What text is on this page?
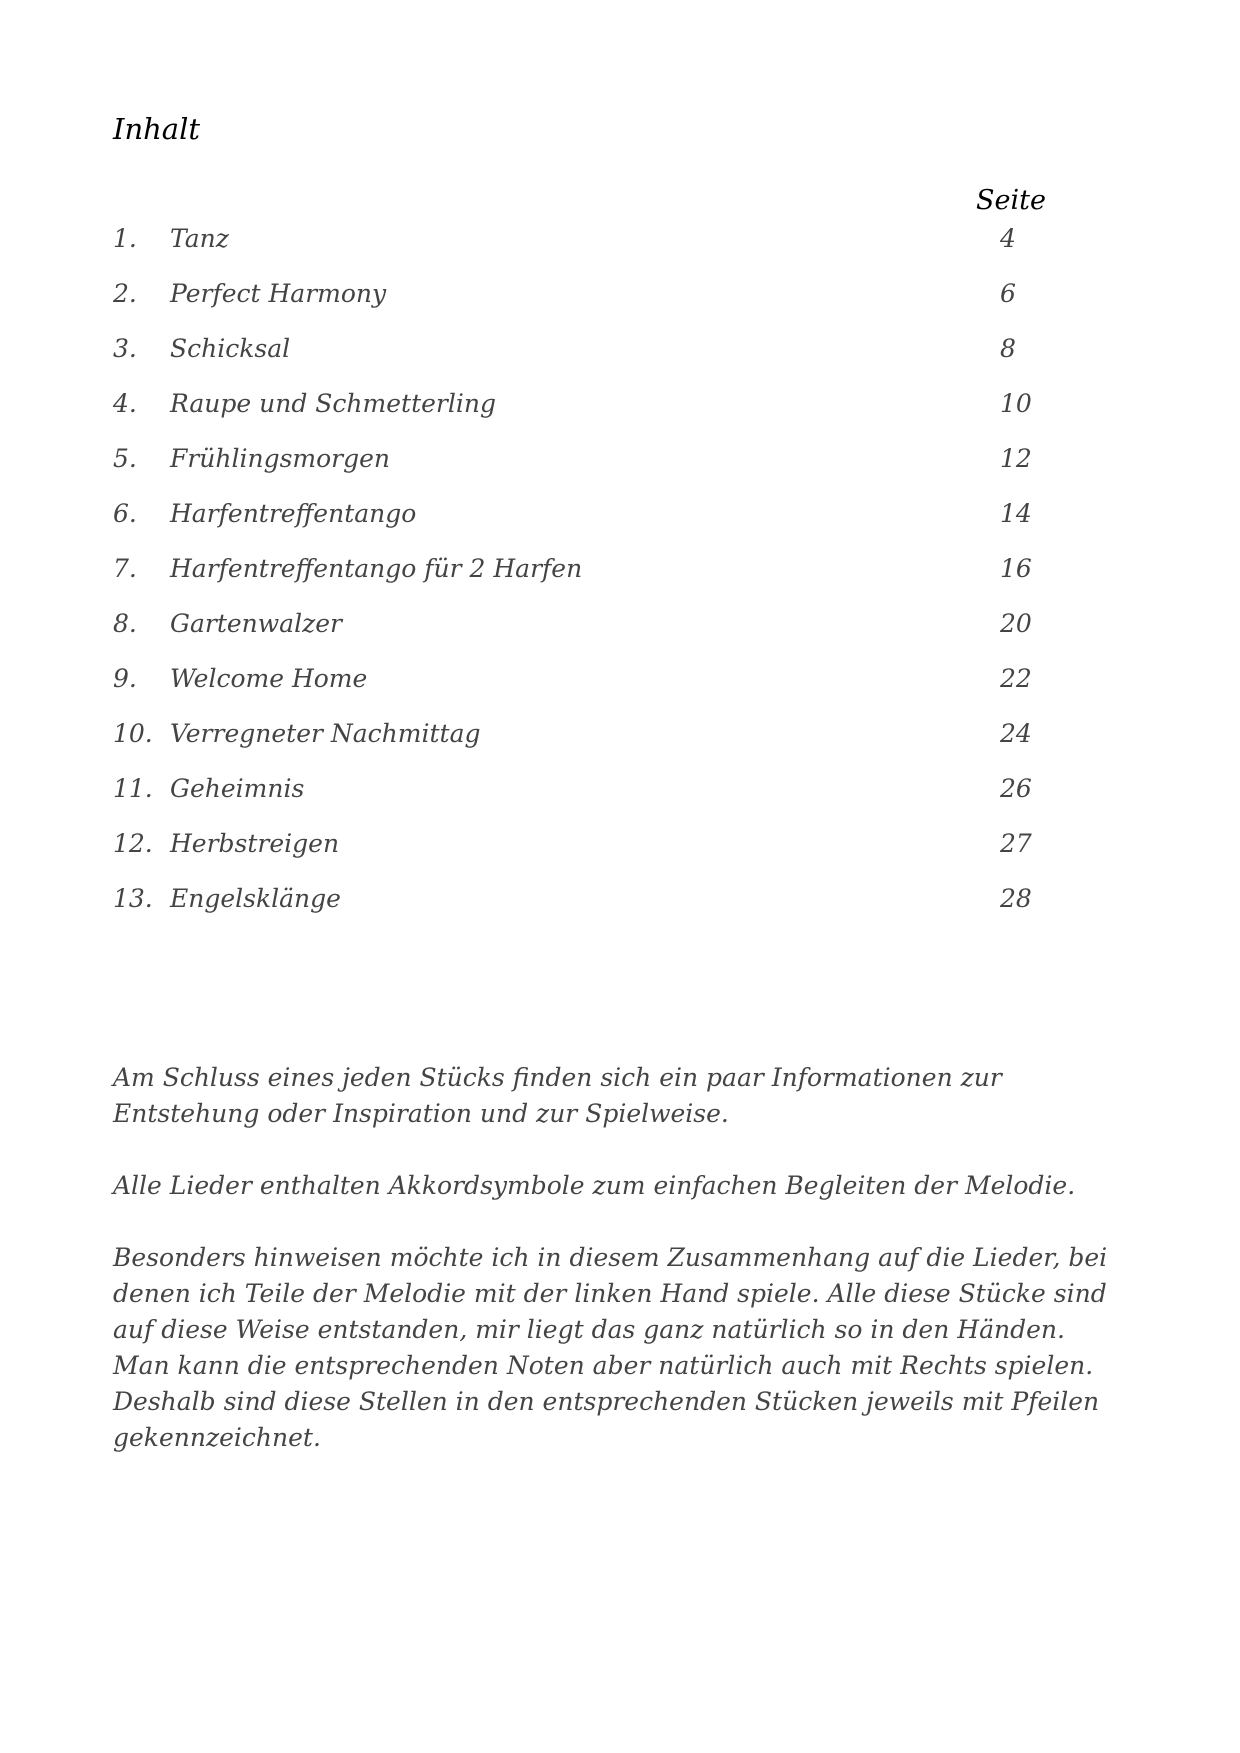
Inhalt
Seite
1. Tanz	4
2. Perfect Harmony	6
3. Schicksal	8
4. Raupe und Schmetterling	10
5. Frühlingsmorgen	12
6. Harfentreffentango	14
7. Harfentreffentango für 2 Harfen	16
8. Gartenwalzer	20
9. Welcome Home	22
10. Verregneter Nachmittag	24
11. Geheimnis	26
12. Herbstreigen	27
13. Engelsklänge	28

Am Schluss eines jeden Stücks finden sich ein paar Informationen zur Entstehung oder Inspiration und zur Spielweise.

Alle Lieder enthalten Akkordsymbole zum einfachen Begleiten der Melodie.

Besonders hinweisen möchte ich in diesem Zusammenhang auf die Lieder, bei denen ich Teile der Melodie mit der linken Hand spiele. Alle diese Stücke sind auf diese Weise entstanden, mir liegt das ganz natürlich so in den Händen. Man kann die entsprechenden Noten aber natürlich auch mit Rechts spielen. Deshalb sind diese Stellen in den entsprechenden Stücken jeweils mit Pfeilen gekennzeichnet.
